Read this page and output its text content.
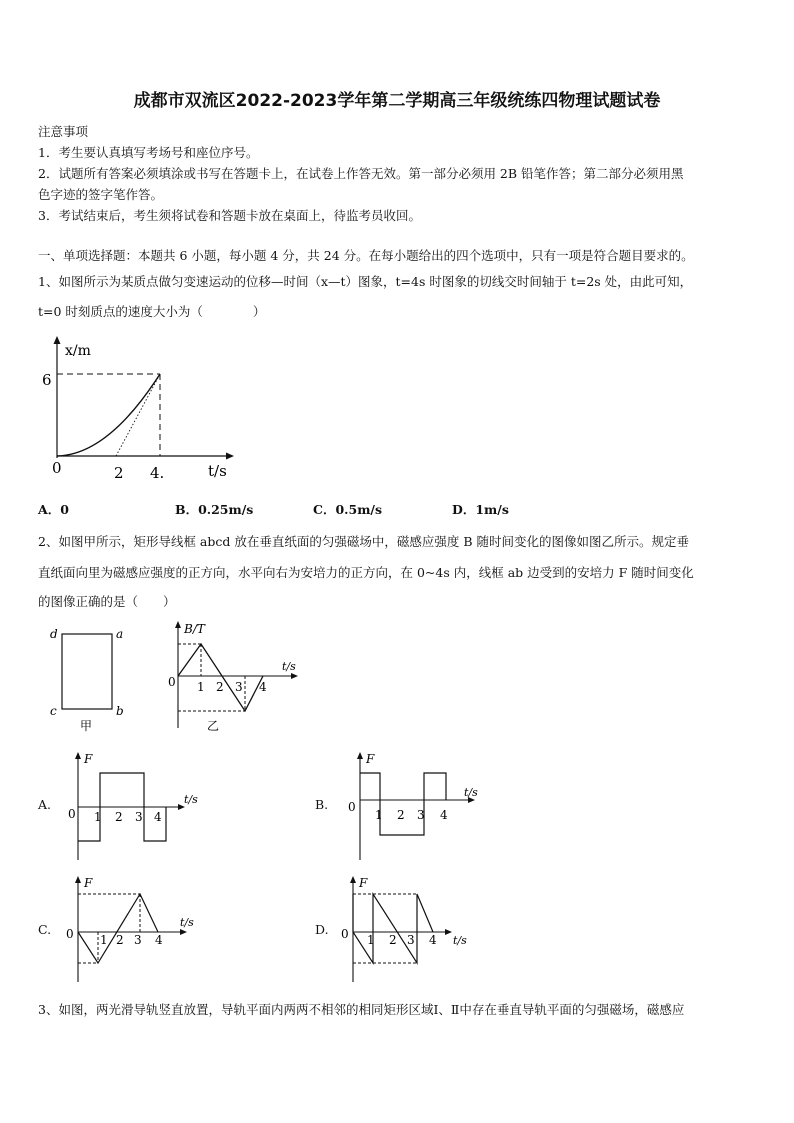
成都市双流区2022-2023学年第二学期高三年级统练四物理试题试卷
注意事项
1．考生要认真填写考场号和座位序号。
2．试题所有答案必须填涂或书写在答题卡上，在试卷上作答无效。第一部分必须用 2B 铅笔作答；第二部分必须用黑
色字迹的签字笔作答。
3．考试结束后，考生须将试卷和答题卡放在桌面上，待监考员收回。
一、单项选择题：本题共 6 小题，每小题 4 分，共 24 分。在每小题给出的四个选项中，只有一项是符合题目要求的。
1、如图所示为某质点做匀变速运动的位移—时间（x—t）图象，t=4s 时图象的切线交时间轴于 t=2s 处，由此可知，
t=0 时刻质点的速度大小为（　　　　）
x/m
6
0	2 4.	t/s
A．0	B．0.25m/s	C．0.5m/s	D．1m/s
2、如图甲所示，矩形导线框 abcd 放在垂直纸面的匀强磁场中，磁感应强度 B 随时间变化的图像如图乙所示。规定垂
直纸面向里为磁感应强度的正方向，水平向右为安培力的正方向，在 0~4s 内，线框 ab 边受到的安培力 F 随时间变化
的图像正确的是（　　）
d	a
c	b
甲
B/T
t/s
0 1 2 3 4
乙
A.
F
t/s
0 1 2 3 4
B.
F
t/s
0
1 2 3 4
C.
F
t/s
0 1 2 3 4
D.
F
t/s
0 1 2 3 4
3、如图，两光滑导轨竖直放置，导轨平面内两两不相邻的相同矩形区域Ⅰ、Ⅱ中存在垂直导轨平面的匀强磁场，磁感应
